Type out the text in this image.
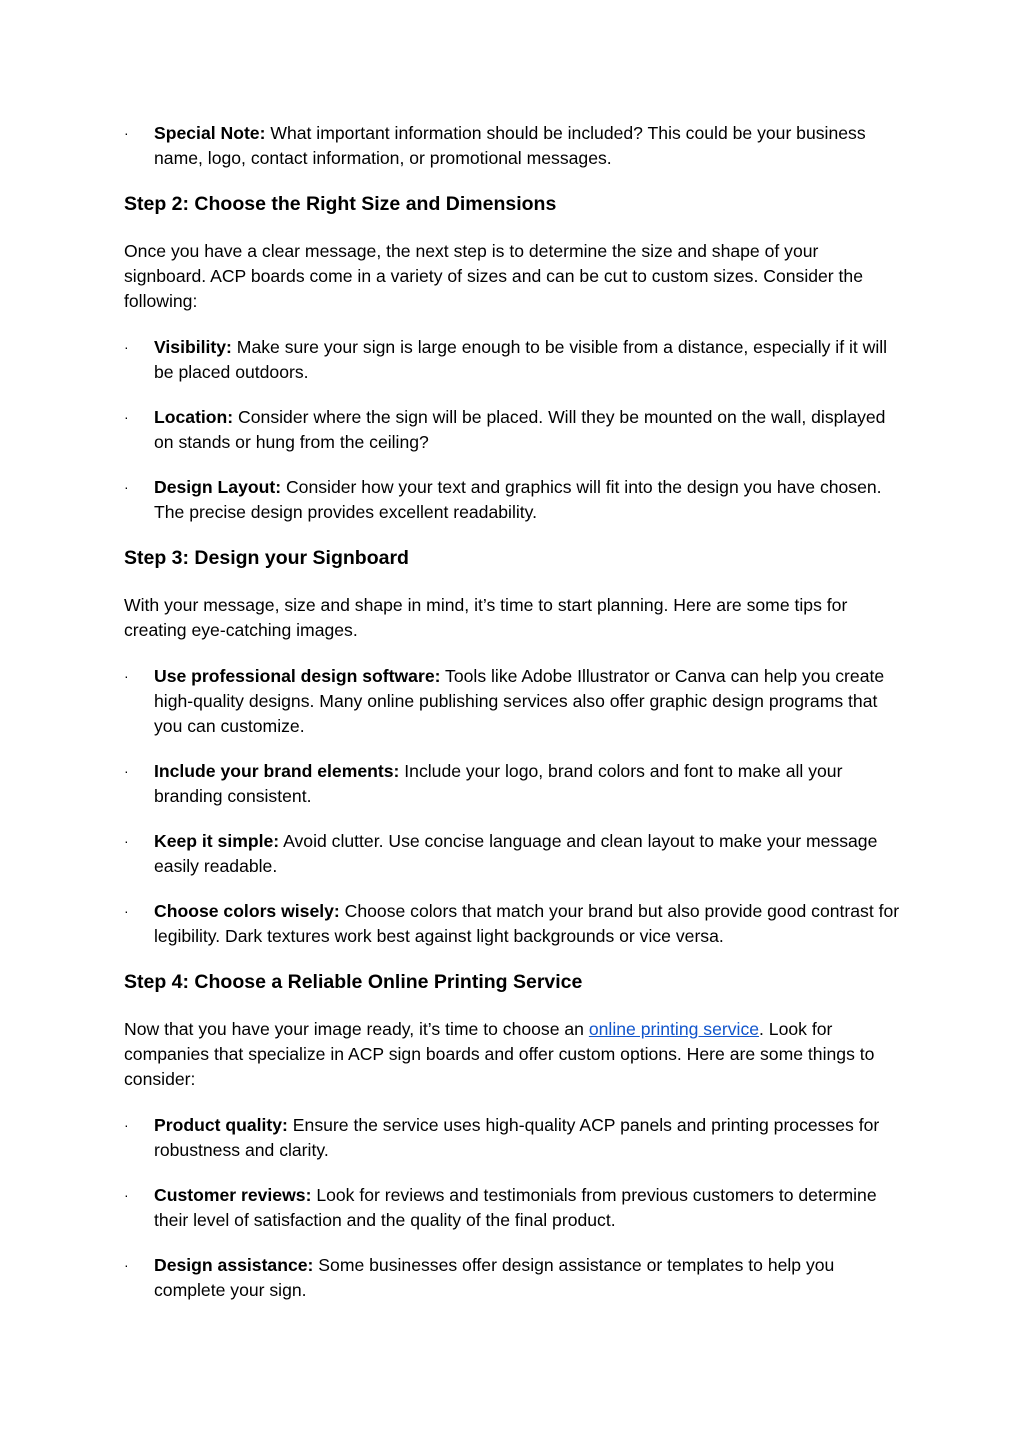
·	Special Note: What important information should be included? This could be your business name, logo, contact information, or promotional messages.
Step 2: Choose the Right Size and Dimensions

Once you have a clear message, the next step is to determine the size and shape of your signboard. ACP boards come in a variety of sizes and can be cut to custom sizes. Consider the following:

·	Visibility: Make sure your sign is large enough to be visible from a distance, especially if it will be placed outdoors.
·	Location: Consider where the sign will be placed. Will they be mounted on the wall, displayed on stands or hung from the ceiling?
·	Design Layout: Consider how your text and graphics will fit into the design you have chosen. The precise design provides excellent readability.
Step 3: Design your Signboard

With your message, size and shape in mind, it’s time to start planning. Here are some tips for creating eye-catching images.

·	Use professional design software: Tools like Adobe Illustrator or Canva can help you create high-quality designs. Many online publishing services also offer graphic design programs that you can customize.
·	Include your brand elements: Include your logo, brand colors and font to make all your branding consistent.
·	Keep it simple: Avoid clutter. Use concise language and clean layout to make your message easily readable.
·	Choose colors wisely: Choose colors that match your brand but also provide good contrast for legibility. Dark textures work best against light backgrounds or vice versa.
Step 4: Choose a Reliable Online Printing Service

Now that you have your image ready, it’s time to choose an online printing service. Look for companies that specialize in ACP sign boards and offer custom options. Here are some things to consider:

·	Product quality: Ensure the service uses high-quality ACP panels and printing processes for robustness and clarity.
·	Customer reviews: Look for reviews and testimonials from previous customers to determine their level of satisfaction and the quality of the final product.
·	Design assistance: Some businesses offer design assistance or templates to help you complete your sign.
